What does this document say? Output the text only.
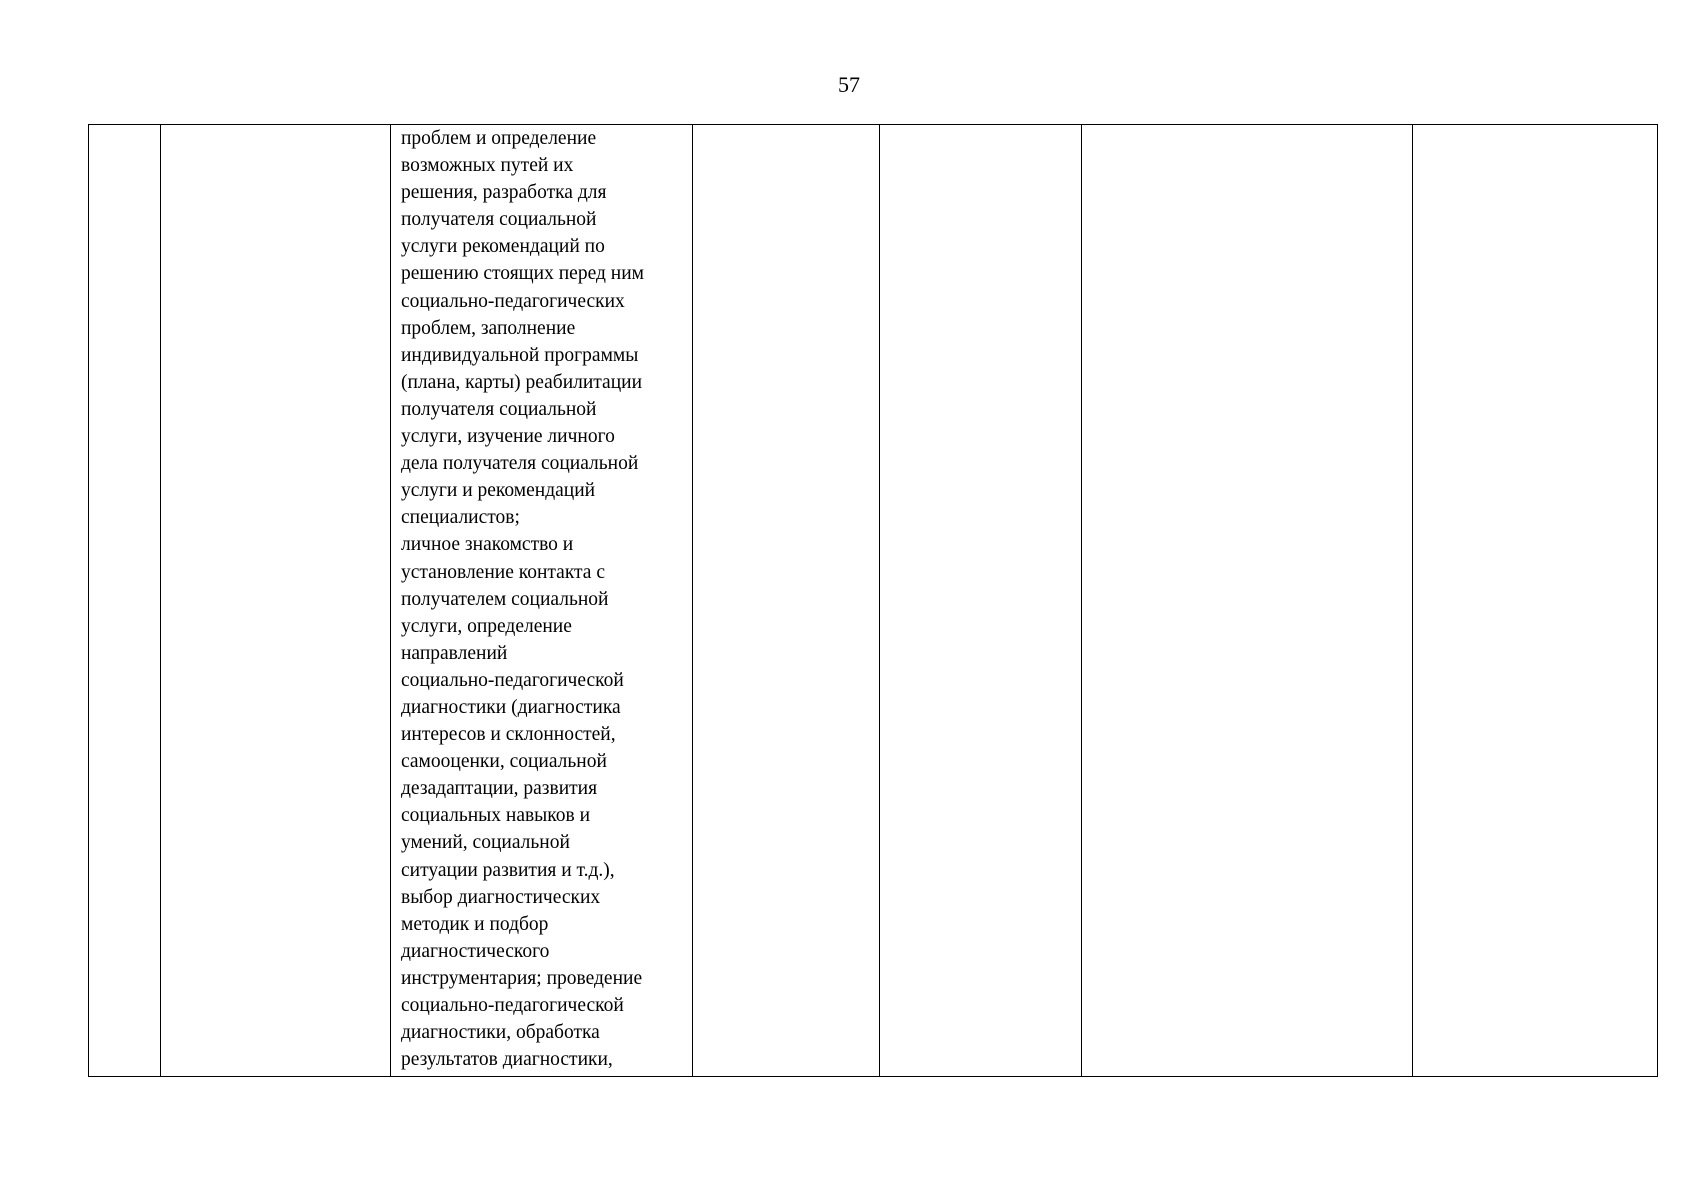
57

проблем и определение
возможных путей их
решения, разработка для
получателя социальной
услуги рекомендаций по
решению стоящих перед ним
социально-педагогических
проблем, заполнение
индивидуальной программы
(плана, карты) реабилитации
получателя социальной
услуги, изучение личного
дела получателя социальной
услуги и рекомендаций
специалистов;
личное знакомство и
установление контакта с
получателем социальной
услуги, определение
направлений
социально-педагогической
диагностики (диагностика
интересов и склонностей,
самооценки, социальной
дезадаптации, развития
социальных навыков и
умений, социальной
ситуации развития и т.д.),
выбор диагностических
методик и подбор
диагностического
инструментария; проведение
социально-педагогической
диагностики, обработка
результатов диагностики,
